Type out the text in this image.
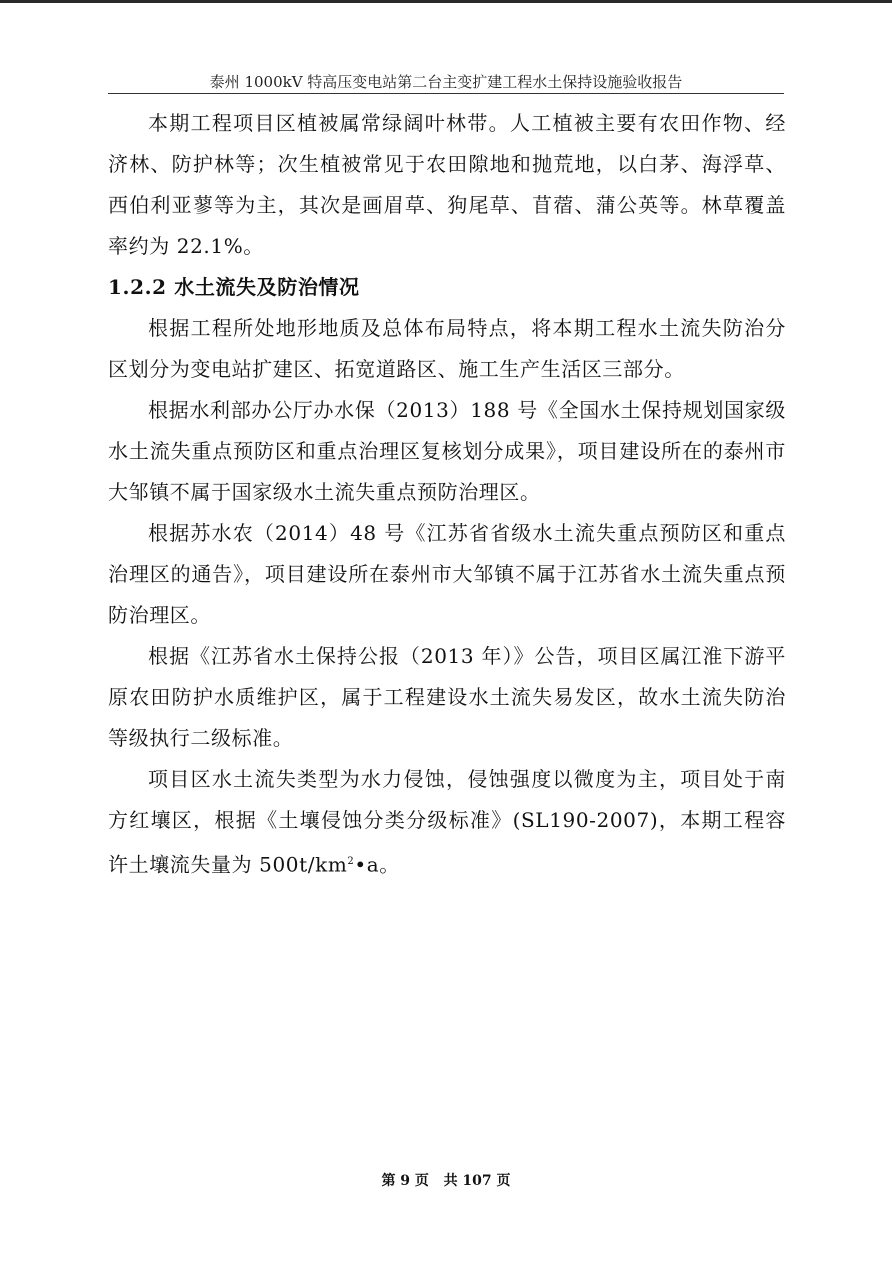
泰州 1000kV 特高压变电站第二台主变扩建工程水土保持设施验收报告

本期工程项目区植被属常绿阔叶林带。人工植被主要有农田作物、经济林、防护林等；次生植被常见于农田隙地和抛荒地，以白茅、海浮草、西伯利亚蓼等为主，其次是画眉草、狗尾草、苜蓿、蒲公英等。林草覆盖率约为 22.1%。

1.2.2 水土流失及防治情况

根据工程所处地形地质及总体布局特点，将本期工程水土流失防治分区划分为变电站扩建区、拓宽道路区、施工生产生活区三部分。

根据水利部办公厅办水保（2013）188 号《全国水土保持规划国家级水土流失重点预防区和重点治理区复核划分成果》，项目建设所在的泰州市大邹镇不属于国家级水土流失重点预防治理区。

根据苏水农（2014）48 号《江苏省省级水土流失重点预防区和重点治理区的通告》，项目建设所在泰州市大邹镇不属于江苏省水土流失重点预防治理区。

根据《江苏省水土保持公报（2013 年）》公告，项目区属江淮下游平原农田防护水质维护区，属于工程建设水土流失易发区，故水土流失防治等级执行二级标准。

项目区水土流失类型为水力侵蚀，侵蚀强度以微度为主，项目处于南方红壤区，根据《土壤侵蚀分类分级标准》(SL190-2007)，本期工程容许土壤流失量为 $500t/km^2•a$。

第 9 页 共 107 页
